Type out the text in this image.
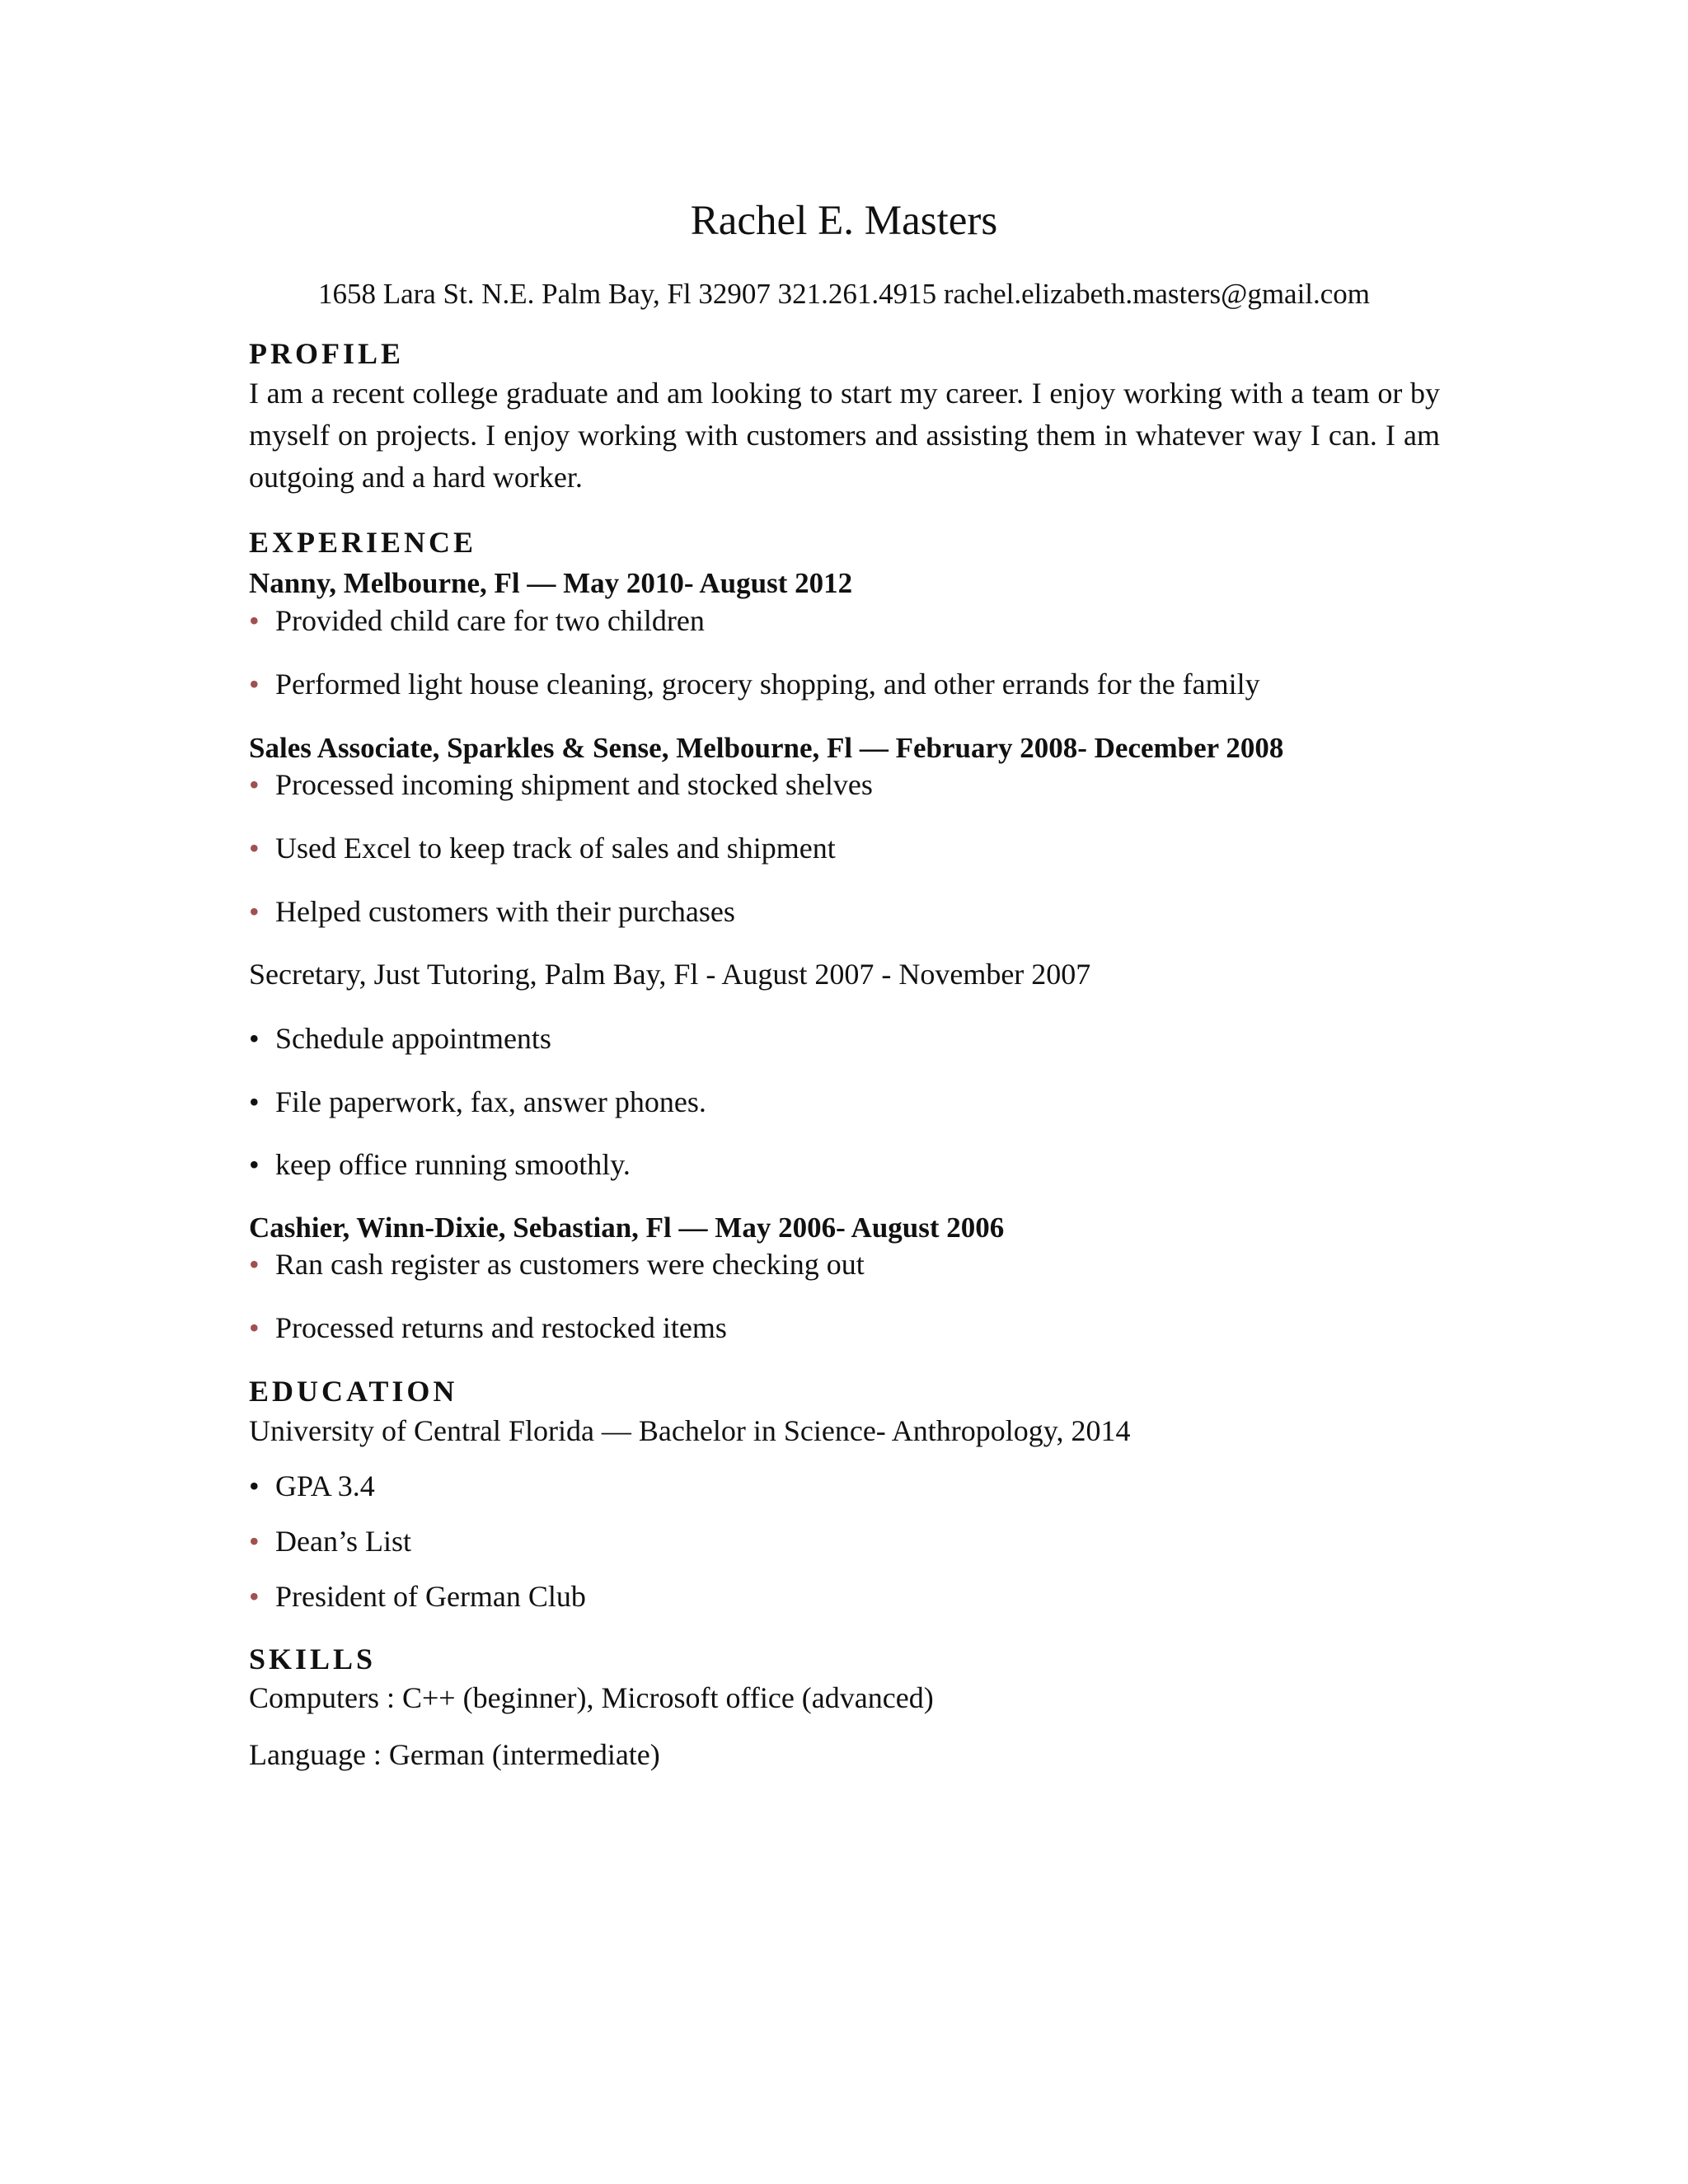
Rachel E. Masters
1658 Lara St. N.E. Palm Bay, Fl 32907 321.261.4915 rachel.elizabeth.masters@gmail.com
PROFILE
I am a recent college graduate and am looking to start my career. I enjoy working with a team or by myself on projects. I enjoy working with customers and assisting them in whatever way I can. I am outgoing and a hard worker.
EXPERIENCE
Nanny, Melbourne, Fl — May 2010- August 2012
• Provided child care for two children
• Performed light house cleaning, grocery shopping, and other errands for the family
Sales Associate, Sparkles & Sense, Melbourne, Fl — February 2008- December 2008
• Processed incoming shipment and stocked shelves
• Used Excel to keep track of sales and shipment
• Helped customers with their purchases
Secretary, Just Tutoring, Palm Bay, Fl - August 2007 - November 2007
• Schedule appointments
• File paperwork, fax, answer phones.
• keep office running smoothly.
Cashier, Winn-Dixie, Sebastian, Fl — May 2006- August 2006
• Ran cash register as customers were checking out
• Processed returns and restocked items
EDUCATION
University of Central Florida — Bachelor in Science- Anthropology, 2014
• GPA 3.4
• Dean’s List
• President of German Club
SKILLS
Computers : C++ (beginner), Microsoft office (advanced)
Language : German (intermediate)
